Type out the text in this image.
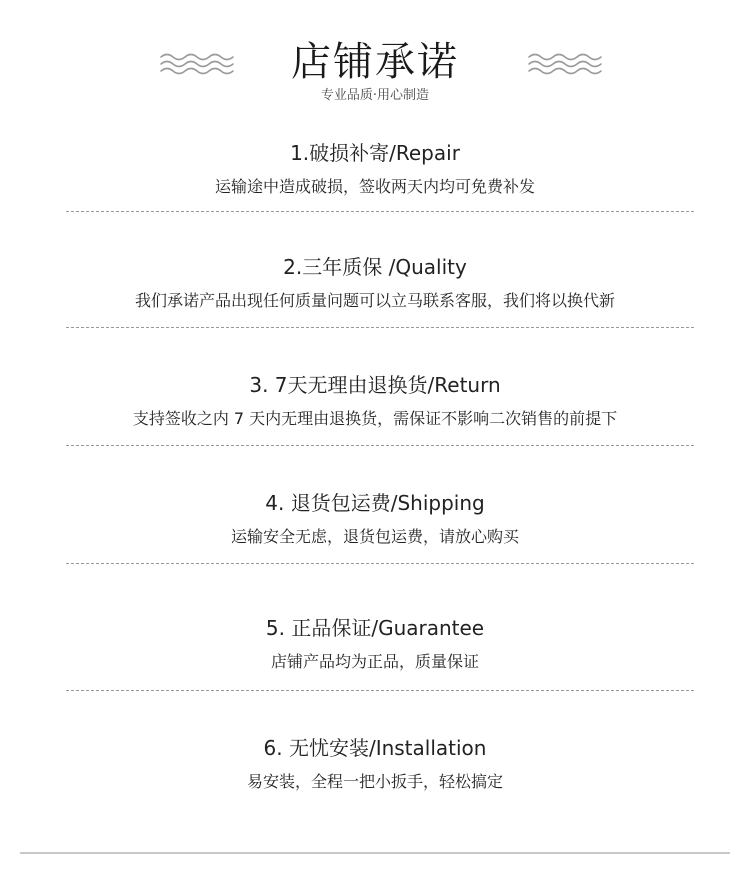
店铺承诺
专业品质·用心制造
1.破损补寄/Repair
运输途中造成破损，签收两天内均可免费补发
2.三年质保 /Quality
我们承诺产品出现任何质量问题可以立马联系客服，我们将以换代新
3. 7天无理由退换货/Return
支持签收之内 7 天内无理由退换货，需保证不影响二次销售的前提下
4. 退货包运费/Shipping
运输安全无虑，退货包运费，请放心购买
5. 正品保证/Guarantee
店铺产品均为正品，质量保证
6. 无忧安装/Installation
易安装，全程一把小扳手，轻松搞定
